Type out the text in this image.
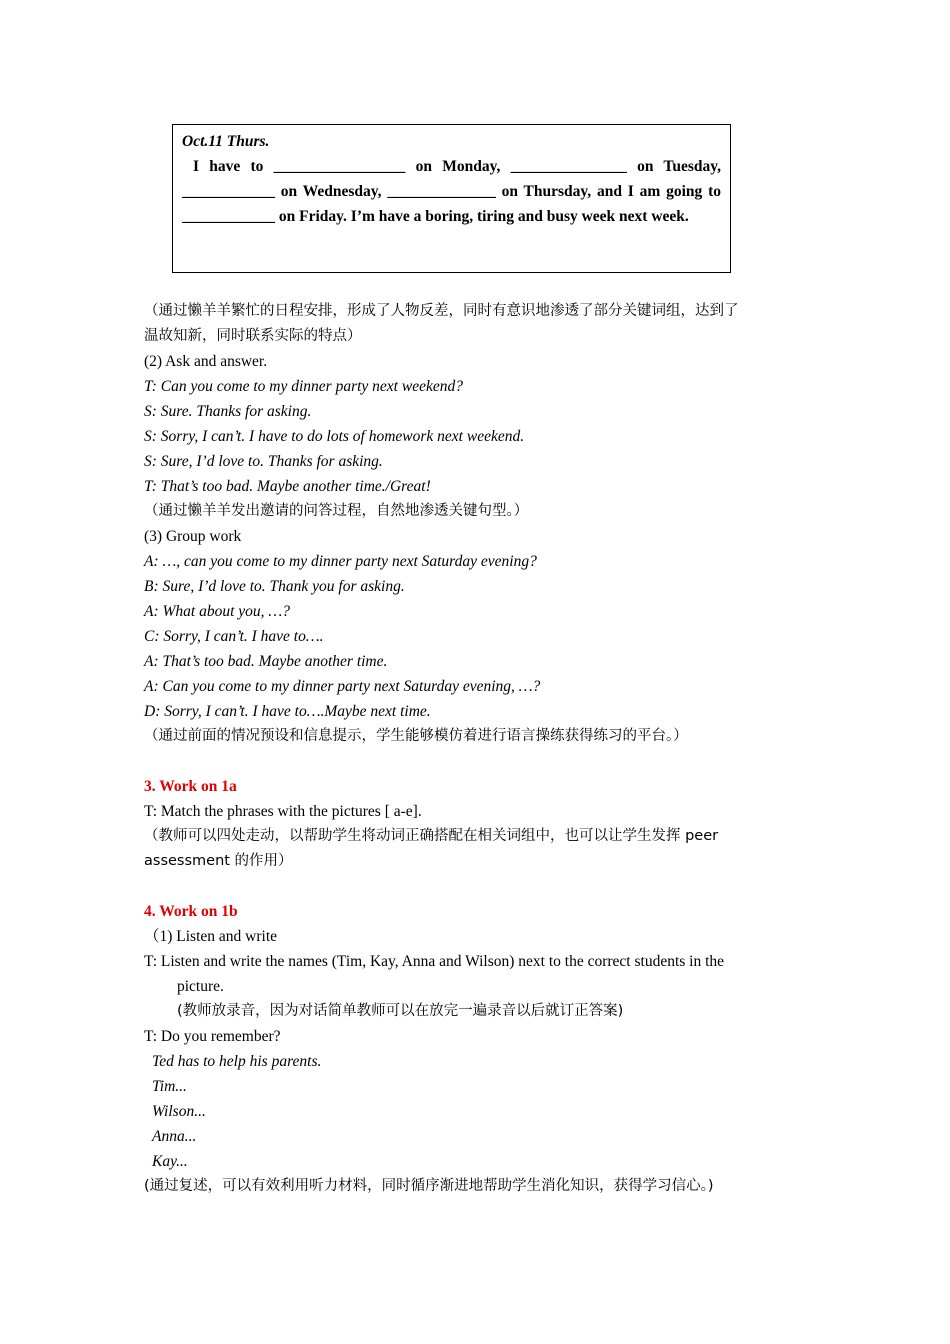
Oct.11 Thurs.
I have to _________________ on Monday, _______________ on Tuesday, ____________ on Wednesday, ______________ on Thursday, and I am going to ____________ on Friday. I’m have a boring, tiring and busy week next week.
（通过懒羊羊繁忙的日程安排，形成了人物反差，同时有意识地渗透了部分关键词组，达到了
温故知新，同时联系实际的特点）
(2) Ask and answer.
T: Can you come to my dinner party next weekend?
S: Sure. Thanks for asking.
S: Sorry, I can’t. I have to do lots of homework next weekend.
S: Sure, I’d love to. Thanks for asking.
T: That’s too bad. Maybe another time./Great!
（通过懒羊羊发出邀请的问答过程，自然地渗透关键句型。）
(3) Group work
A: …, can you come to my dinner party next Saturday evening?
B: Sure, I’d love to. Thank you for asking.
A: What about you, …?
C: Sorry, I can’t. I have to….
A: That’s too bad. Maybe another time.
A: Can you come to my dinner party next Saturday evening, …?
D: Sorry, I can’t. I have to….Maybe next time.
（通过前面的情况预设和信息提示，学生能够模仿着进行语言操练获得练习的平台。）
3. Work on 1a
T: Match the phrases with the pictures [ a-e].
（教师可以四处走动，以帮助学生将动词正确搭配在相关词组中，也可以让学生发挥 peer
assessment 的作用）
4. Work on 1b
（1) Listen and write
T: Listen and write the names (Tim, Kay, Anna and Wilson) next to the correct students in the
picture.
(教师放录音，因为对话简单教师可以在放完一遍录音以后就订正答案)
T: Do you remember?
Ted has to help his parents.
Tim...
Wilson...
Anna...
Kay...
(通过复述，可以有效利用听力材料，同时循序渐进地帮助学生消化知识，获得学习信心。)
